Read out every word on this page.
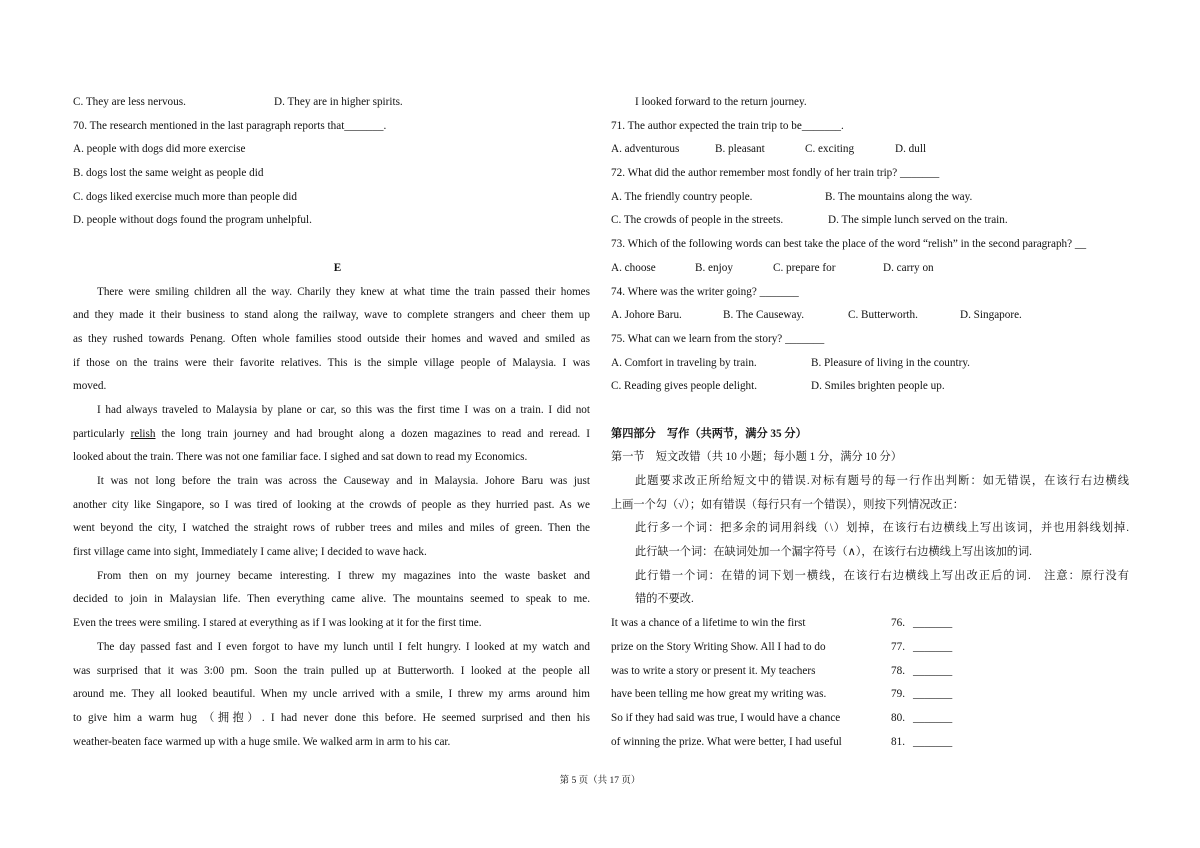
C. They are less nervous.	D. They are in higher spirits.
70. The research mentioned in the last paragraph reports that_______.
A. people with dogs did more exercise
B. dogs lost the same weight as people did
C. dogs liked exercise much more than people did
D. people without dogs found the program unhelpful.
E
There were smiling children all the way. Charily they knew at what time the train passed their homes
and they made it their business to stand along the railway, wave to complete strangers and cheer them up
as they rushed towards Penang. Often whole families stood outside their homes and waved and smiled as
if those on the trains were their favorite relatives. This is the simple village people of Malaysia. I was
moved.
I had always traveled to Malaysia by plane or car, so this was the first time I was on a train. I did not
particularly relish the long train journey and had brought along a dozen magazines to read and reread. I
looked about the train. There was not one familiar face. I sighed and sat down to read my Economics.
It was not long before the train was across the Causeway and in Malaysia. Johore Baru was just
another city like Singapore, so I was tired of looking at the crowds of people as they hurried past. As we
went beyond the city, I watched the straight rows of rubber trees and miles and miles of green. Then the
first village came into sight, Immediately I came alive; I decided to wave hack.
From then on my journey became interesting. I threw my magazines into the waste basket and
decided to join in Malaysian life. Then everything came alive. The mountains seemed to speak to me.
Even the trees were smiling. I stared at everything as if I was looking at it for the first time.
The day passed fast and I even forgot to have my lunch until I felt hungry. I looked at my watch and
was surprised that it was 3:00 pm. Soon the train pulled up at Butterworth. I looked at the people all
around me. They all looked beautiful. When my uncle arrived with a smile, I threw my arms around him
to give him a warm hug （拥抱）. I had never done this before. He seemed surprised and then his
weather-beaten face warmed up with a huge smile. We walked arm in arm to his car.
I looked forward to the return journey.
71. The author expected the train trip to be_______.
A. adventurous	B. pleasant	C. exciting	D. dull
72. What did the author remember most fondly of her train trip? _______
A. The friendly country people.	B. The mountains along the way.
C. The crowds of people in the streets.	D. The simple lunch served on the train.
73. Which of the following words can best take the place of the word “relish” in the second paragraph? __
A. choose	B. enjoy	C. prepare for	D. carry on
74. Where was the writer going? _______
A. Johore Baru.	B. The Causeway.	C. Butterworth.	D. Singapore.
75. What can we learn from the story? _______
A. Comfort in traveling by train.	B. Pleasure of living in the country.
C. Reading gives people delight.	D. Smiles brighten people up.
第四部分　写作（共两节，满分 35 分）
第一节　短文改错（共 10 小题；每小题 1 分，满分 10 分）
此题要求改正所给短文中的错误.对标有题号的每一行作出判断：如无错误，在该行右边横线
上画一个勾（√）；如有错误（每行只有一个错误），则按下列情况改正：
此行多一个词：把多余的词用斜线（\）划掉，在该行右边横线上写出该词，并也用斜线划掉.
此行缺一个词：在缺词处加一个漏字符号（∧），在该行右边横线上写出该加的词.
此行错一个词：在错的词下划一横线，在该行右边横线上写出改正后的词.　注意：原行没有
错的不要改.
It was a chance of a lifetime to win the first	76. _______
prize on the Story Writing Show. All I had to do	77. _______
was to write a story or present it. My teachers	78. _______
have been telling me how great my writing was.	79. _______
So if they had said was true, I would have a chance	80. _______
of winning the prize. What were better, I had useful	81. _______
第 5 页（共 17 页）
